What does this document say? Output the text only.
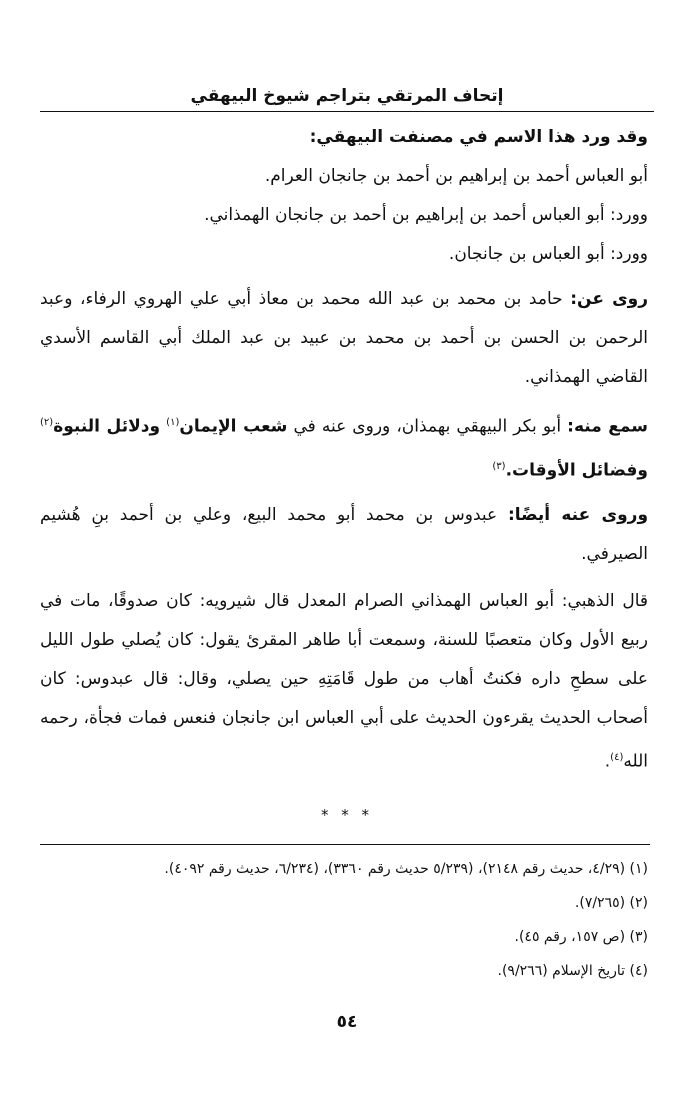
إتحاف المرتقي بتراجم شيوخ البيهقي

وقد ورد هذا الاسم في مصنفت البيهقي:

أبو العباس أحمد بن إبراهيم بن أحمد بن جانجان العرام.

وورد: أبو العباس أحمد بن إبراهيم بن أحمد بن جانجان الهمذاني.

وورد: أبو العباس بن جانجان.

روى عن: حامد بن محمد بن عبد الله محمد بن معاذ أبي علي الهروي الرفاء، وعبد الرحمن بن الحسن بن أحمد بن محمد بن عبيد بن عبد الملك أبي القاسم الأسدي القاضي الهمذاني.

سمع منه: أبو بكر البيهقي بهمذان، وروى عنه في شعب الإيمان$^{(١)}$ ودلائل النبوة$^{(٢)}$ وفضائل الأوقات.$^{(٣)}$

وروى عنه أيضًا: عبدوس بن محمد أبو محمد البيع، وعلي بن أحمد بنِ هُشيم الصيرفي.

قال الذهبي: أبو العباس الهمذاني الصرام المعدل قال شيرويه: كان صدوقًا، مات في ربيع الأول وكان متعصبًا للسنة، وسمعت أبا طاهر المقرئ يقول: كان يُصلي طول الليل على سطحِ داره فكنتُ أهاب من طول قَامَتِهِ حين يصلي، وقال: قال عبدوس: كان أصحاب الحديث يقرءون الحديث على أبي العباس ابن جانجان فنعس فمات فجأة، رحمه الله$^{(٤)}$.

* * *
(١) (٤/٢٩، حديث رقم ٢١٤٨)، (٥/٢٣٩ حديث رقم ٣٣٦٠)، (٦/٢٣٤، حديث رقم ٤٠٩٢).
(٢) (٧/٢٦٥).
(٣) (ص ١٥٧، رقم ٤٥).
(٤) تاريخ الإسلام (٩/٢٦٦).
٥٤
